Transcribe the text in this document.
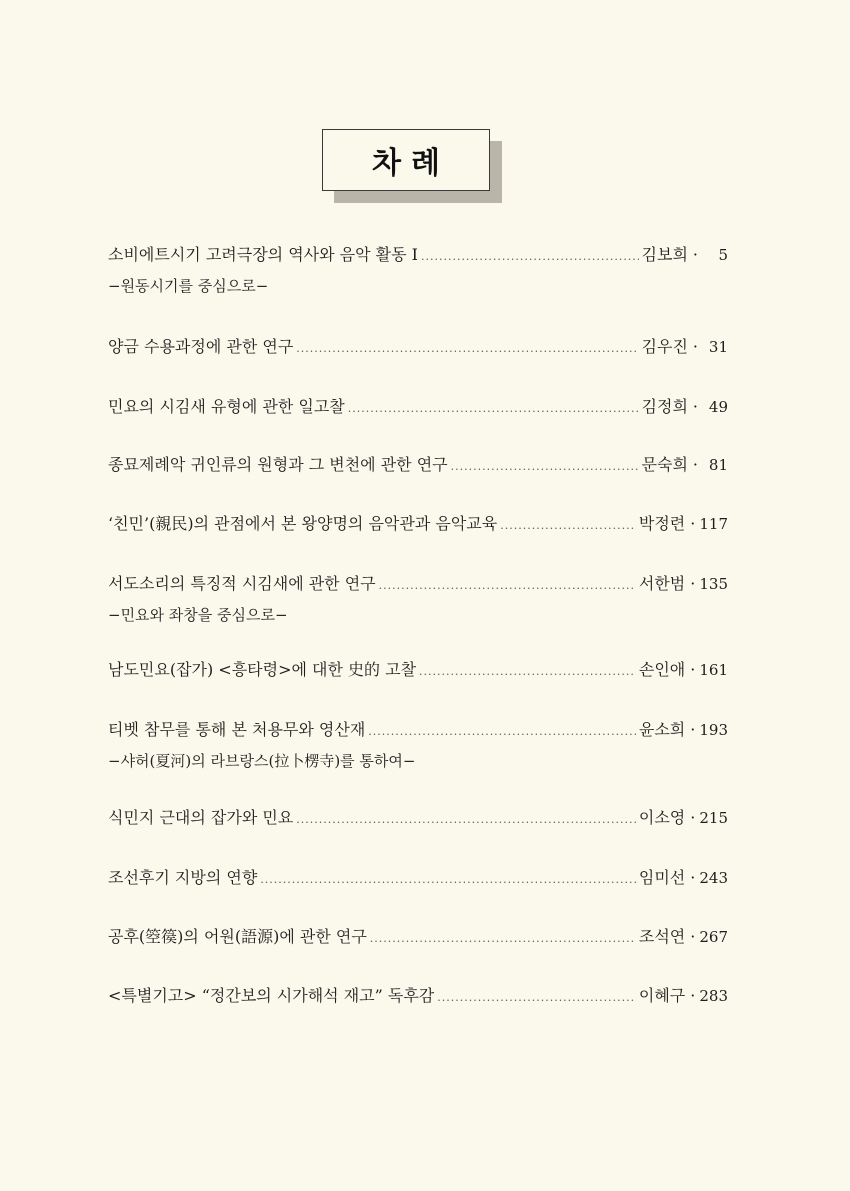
차례
소비에트시기 고려극장의 역사와 음악 활동 I .....	김보희 ·	5
−원동시기를 중심으로−
양금 수용과정에 관한 연구 .....	김우진 · 31
민요의 시김새 유형에 관한 일고찰 .....	김정희 · 49
종묘제례악 귀인류의 원형과 그 변천에 관한 연구 .....	문숙희 · 81
‘친민’(親民)의 관점에서 본 왕양명의 음악관과 음악교육 .....	박정련 · 117
서도소리의 특징적 시김새에 관한 연구 .....	서한범 · 135
−민요와 좌창을 중심으로−
남도민요(잡가) <흥타령>에 대한 史的 고찰 .....	손인애 · 161
티벳 참무를 통해 본 처용무와 영산재 .....	윤소희 · 193
−샤허(夏河)의 라브랑스(拉卜楞寺)를 통하여−
식민지 근대의 잡가와 민요 .....	이소영 · 215
조선후기 지방의 연향 .....	임미선 · 243
공후(箜篌)의 어원(語源)에 관한 연구 .....	조석연 · 267
<특별기고> “정간보의 시가해석 재고” 독후감 .....	이혜구 · 283
